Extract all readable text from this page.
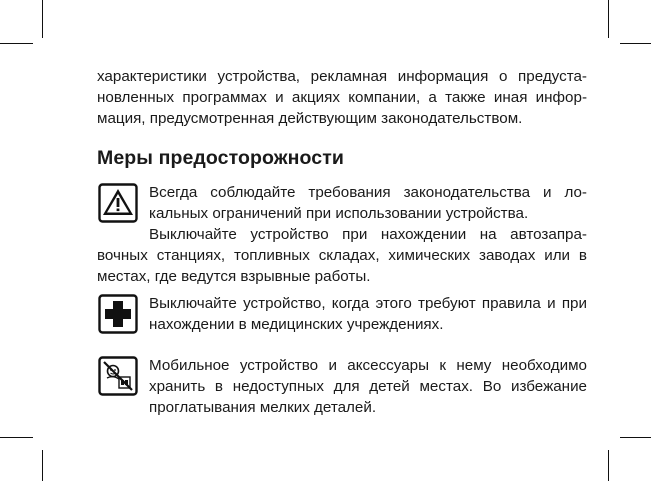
характеристики устройства, рекламная информация о предуста-новленных программах и акциях компании, а также иная инфор-мация, предусмотренная действующим законодательством.
Меры предосторожности
Всегда соблюдайте требования законодательства и ло-кальных ограничений при использовании устройства.
Выключайте устройство при нахождении на автозапра-вочных станциях, топливных складах, химических заводах или в местах, где ведутся взрывные работы.
Выключайте устройство, когда этого требуют правила и при нахождении в медицинских учреждениях.
Мобильное устройство и аксессуары к нему необходимо хранить в недоступных для детей местах. Во избежание проглатывания мелких деталей.
